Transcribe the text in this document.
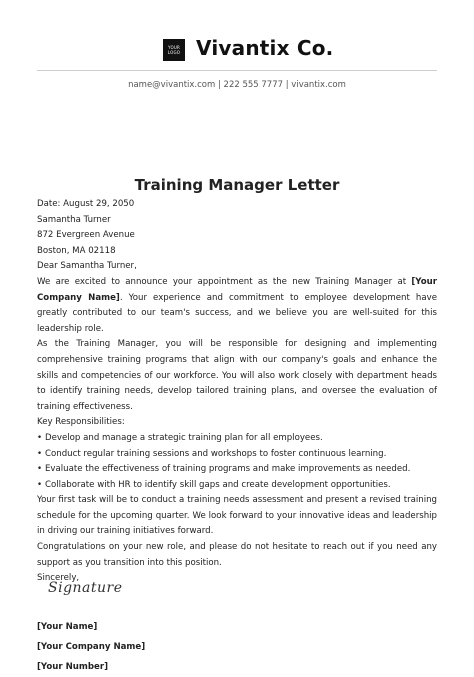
YOUR LOGO Vivantix Co.
name@vivantix.com | 222 555 7777 | vivantix.com
Training Manager Letter

Date: August 29, 2050

Samantha Turner

872 Evergreen Avenue

Boston, MA 02118

Dear Samantha Turner,

We are excited to announce your appointment as the new Training Manager at [Your Company Name]. Your experience and commitment to employee development have greatly contributed to our team's success, and we believe you are well-suited for this leadership role.

As the Training Manager, you will be responsible for designing and implementing comprehensive training programs that align with our company's goals and enhance the skills and competencies of our workforce. You will also work closely with department heads to identify training needs, develop tailored training plans, and oversee the evaluation of training effectiveness.

Key Responsibilities:

• Develop and manage a strategic training plan for all employees.
• Conduct regular training sessions and workshops to foster continuous learning.
• Evaluate the effectiveness of training programs and make improvements as needed.
• Collaborate with HR to identify skill gaps and create development opportunities.

Your first task will be to conduct a training needs assessment and present a revised training schedule for the upcoming quarter. We look forward to your innovative ideas and leadership in driving our training initiatives forward.

Congratulations on your new role, and please do not hesitate to reach out if you need any support as you transition into this position.

Sincerely,

Signature
[Your Name]
[Your Company Name]
[Your Number]
